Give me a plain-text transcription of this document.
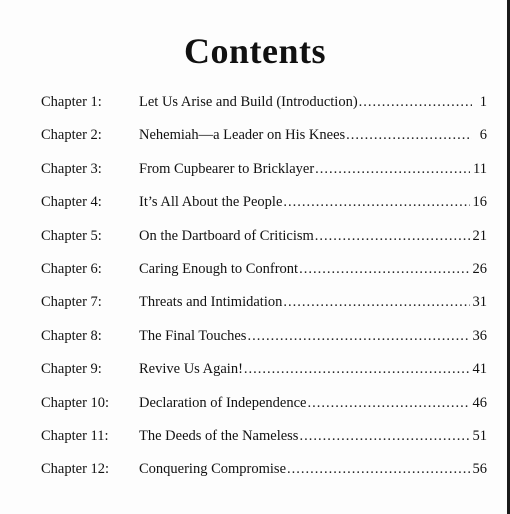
Contents
Chapter 1:	Let Us Arise and Build (Introduction) .....	1
Chapter 2:	Nehemiah—a Leader on His Knees .....	6
Chapter 3:	From Cupbearer to Bricklayer .....	11
Chapter 4:	It’s All About the People .....	16
Chapter 5:	On the Dartboard of Criticism .....	21
Chapter 6:	Caring Enough to Confront .....	26
Chapter 7:	Threats and Intimidation .....	31
Chapter 8:	The Final Touches .....	36
Chapter 9:	Revive Us Again! .....	41
Chapter 10: Declaration of Independence .....	46
Chapter 11: The Deeds of the Nameless .....	51
Chapter 12: Conquering Compromise .....	56
